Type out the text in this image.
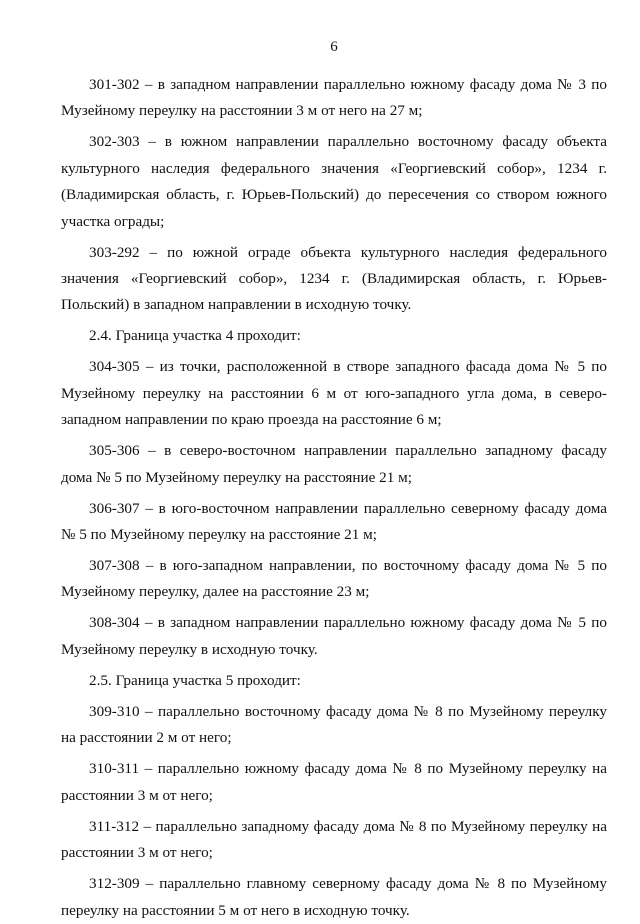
6

301-302 – в западном направлении параллельно южному фасаду дома № 3 по Музейному переулку на расстоянии 3 м от него на 27 м;

302-303 – в южном направлении параллельно восточному фасаду объекта культурного наследия федерального значения «Георгиевский собор», 1234 г. (Владимирская область, г. Юрьев-Польский) до пересечения со створом южного участка ограды;

303-292 – по южной ограде объекта культурного наследия федерального значения «Георгиевский собор», 1234 г. (Владимирская область, г. Юрьев-Польский) в западном направлении в исходную точку.

2.4. Граница участка 4 проходит:

304-305 – из точки, расположенной в створе западного фасада дома № 5 по Музейному переулку на расстоянии 6 м от юго-западного угла дома, в северо-западном направлении по краю проезда на расстояние 6 м;

305-306 – в северо-восточном направлении параллельно западному фасаду дома № 5 по Музейному переулку на расстояние 21 м;

306-307 – в юго-восточном направлении параллельно северному фасаду дома № 5 по Музейному переулку на расстояние 21 м;

307-308 – в юго-западном направлении, по восточному фасаду дома № 5 по Музейному переулку, далее на расстояние 23 м;

308-304 – в западном направлении параллельно южному фасаду дома № 5 по Музейному переулку в исходную точку.

2.5. Граница участка 5 проходит:

309-310 – параллельно восточному фасаду дома № 8 по Музейному переулку на расстоянии 2 м от него;

310-311 – параллельно южному фасаду дома № 8 по Музейному переулку на расстоянии 3 м от него;

311-312 – параллельно западному фасаду дома № 8 по Музейному переулку на расстоянии 3 м от него;

312-309 – параллельно главному северному фасаду дома № 8 по Музейному переулку на расстоянии 5 м от него в исходную точку.
